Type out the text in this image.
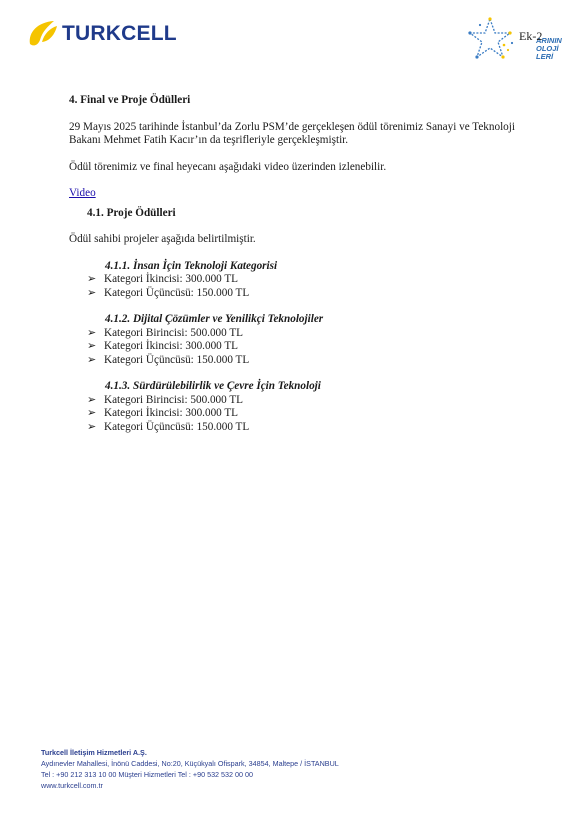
TURKCELL	ARININ
OLOJİ
LERİ
Ek-2

4. Final ve Proje Ödülleri

29 Mayıs 2025 tarihinde İstanbul’da Zorlu PSM’de gerçekleşen ödül törenimiz Sanayi ve Teknoloji Bakanı Mehmet Fatih Kacır’ın da teşrifleriyle gerçekleşmiştir.

Ödül törenimiz ve final heyecanı aşağıdaki video üzerinden izlenebilir.

Video

4.1. Proje Ödülleri

Ödül sahibi projeler aşağıda belirtilmiştir.

4.1.1. İnsan İçin Teknoloji Kategorisi

➢ Kategori İkincisi: 300.000 TL
➢ Kategori Üçüncüsü: 150.000 TL

4.1.2. Dijital Çözümler ve Yenilikçi Teknolojiler

➢ Kategori Birincisi: 500.000 TL
➢ Kategori İkincisi: 300.000 TL
➢ Kategori Üçüncüsü: 150.000 TL

4.1.3. Sürdürülebilirlik ve Çevre İçin Teknoloji

➢ Kategori Birincisi: 500.000 TL
➢ Kategori İkincisi: 300.000 TL
➢ Kategori Üçüncüsü: 150.000 TL
Turkcell İletişim Hizmetleri A.Ş.
Aydınevler Mahallesi, İnönü Caddesi, No:20, Küçükyalı Ofispark, 34854, Maltepe / İSTANBUL
Tel : +90 212 313 10 00 Müşteri Hizmetleri Tel : +90 532 532 00 00
www.turkcell.com.tr
